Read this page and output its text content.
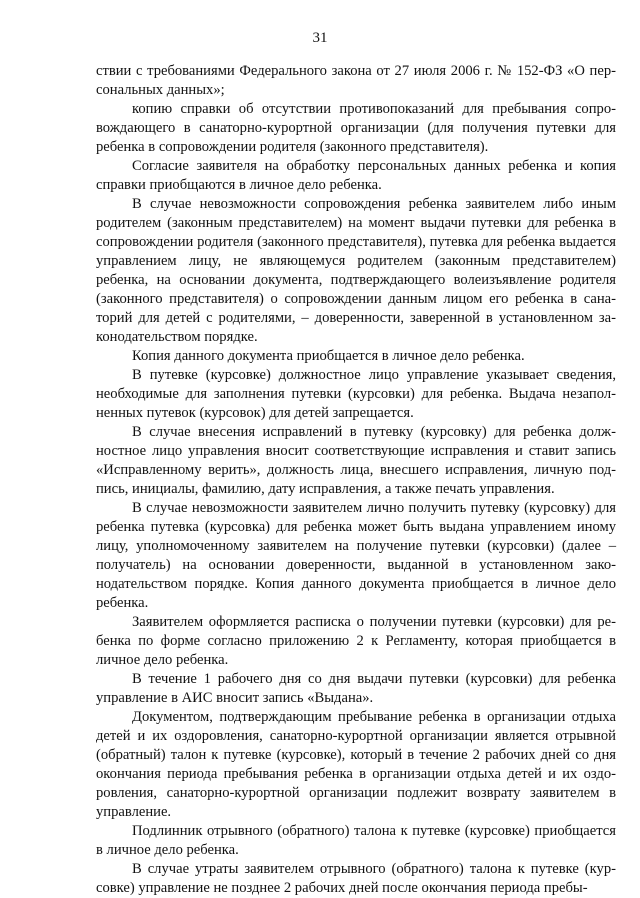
31

ствии с требованиями Федерального закона от 27 июля 2006 г. № 152-ФЗ «О персональных данных»;

копию справки об отсутствии противопоказаний для пребывания сопровождающего в санаторно-курортной организации (для получения путевки для ребенка в сопровождении родителя (законного представителя).

Согласие заявителя на обработку персональных данных ребенка и копия справки приобщаются в личное дело ребенка.

В случае невозможности сопровождения ребенка заявителем либо иным родителем (законным представителем) на момент выдачи путевки для ребенка в сопровождении родителя (законного представителя), путевка для ребенка выдается управлением лицу, не являющемуся родителем (законным представителем) ребенка, на основании документа, подтверждающего волеизъявление родителя (законного представителя) о сопровождении данным лицом его ребенка в санаторий для детей с родителями, – доверенности, заверенной в установленном законодательством порядке.

Копия данного документа приобщается в личное дело ребенка.

В путевке (курсовке) должностное лицо управление указывает сведения, необходимые для заполнения путевки (курсовки) для ребенка. Выдача незаполненных путевок (курсовок) для детей запрещается.

В случае внесения исправлений в путевку (курсовку) для ребенка должностное лицо управления вносит соответствующие исправления и ставит запись «Исправленному верить», должность лица, внесшего исправления, личную подпись, инициалы, фамилию, дату исправления, а также печать управления.

В случае невозможности заявителем лично получить путевку (курсовку) для ребенка путевка (курсовка) для ребенка может быть выдана управлением иному лицу, уполномоченному заявителем на получение путевки (курсовки) (далее – получатель) на основании доверенности, выданной в установленном законодательством порядке. Копия данного документа приобщается в личное дело ребенка.

Заявителем оформляется расписка о получении путевки (курсовки) для ребенка по форме согласно приложению 2 к Регламенту, которая приобщается в личное дело ребенка.

В течение 1 рабочего дня со дня выдачи путевки (курсовки) для ребенка управление в АИС вносит запись «Выдана».

Документом, подтверждающим пребывание ребенка в организации отдыха детей и их оздоровления, санаторно-курортной организации является отрывной (обратный) талон к путевке (курсовке), который в течение 2 рабочих дней со дня окончания периода пребывания ребенка в организации отдыха детей и их оздоровления, санаторно-курортной организации подлежит возврату заявителем в управление.

Подлинник отрывного (обратного) талона к путевке (курсовке) приобщается в личное дело ребенка.

В случае утраты заявителем отрывного (обратного) талона к путевке (курсовке) управление не позднее 2 рабочих дней после окончания периода пребы-
